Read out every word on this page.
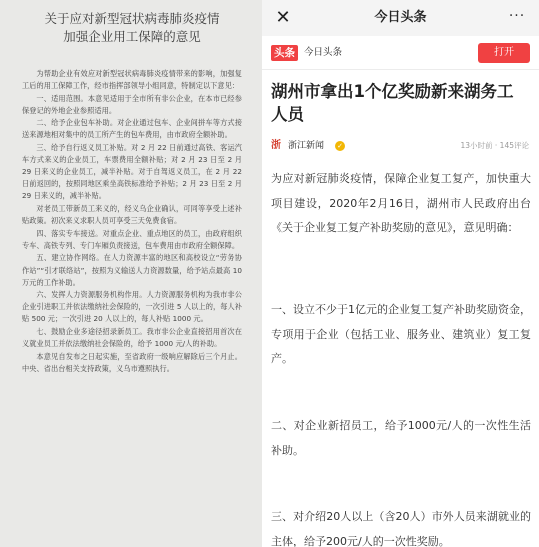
关于应对新型冠状病毒肺炎疫情
加强企业用工保障的意见

为帮助企业有效应对新型冠状病毒肺炎疫情带来的影响，加强复工后的用工保障工作，经市指挥部领导小组同意，特制定以下意见：

一、适用范围。本意见适用于全市所有非公企业，在本市已经参保登记的外地企业参照适用。

二、给予企业包车补助。对企业通过包车、企业间拼车等方式接送来源地相对集中的员工所产生的包车费用，由市政府全额补助。

三、给予自行返义员工补贴。对 2 月 22 日前通过高铁、客运汽车方式来义的企业员工，车票费用全额补贴；对 2 月 23 日至 2 月 29 日来义的企业员工，减半补贴。对于自驾返义员工，在 2 月 22 日前返回的，按照同地区乘坐高铁标准给予补贴；2 月 23 日至 2 月 29 日来义的，减半补贴。

对老员工带新员工来义的，经义乌企业确认，可同等享受上述补贴政策。初次来义求职人员可享受三天免费食宿。

四、落实专车接送。对重点企业、重点地区的员工，由政府组织专车、高铁专列、专门车厢负责接送，包车费用由市政府全额保障。

五、建立协作网络。在人力资源丰富的地区和高校设立“劳务协作站”“引才联络站”，按照为义输送人力资源数量，给予站点最高 10 万元的工作补助。

六、发挥人力资源服务机构作用。人力资源服务机构为我市非公企业引进职工并依法缴纳社会保险的，一次引进 5 人以上的，每人补贴 500 元；一次引进 20 人以上的，每人补贴 1000 元。

七、鼓励企业多途径招录新员工。我市非公企业直接招用首次在义就业员工并依法缴纳社会保险的，给予 1000 元/人的补助。

本意见自发布之日起实施，至省政府一级响应解除后三个月止。中央、省出台相关支持政策，义乌市遵照执行。

✕	今日头条	···
头条 今日头条	打开
湖州市拿出1个亿奖励新来湖务工人员
浙 浙江新闻 ✓	13小时前 · 145评论

为应对新冠肺炎疫情，保障企业复工复产，加快重大项目建设，2020年2月16日，湖州市人民政府出台《关于企业复工复产补助奖励的意见》，意见明确：

一、设立不少于1亿元的企业复工复产补助奖励资金，专项用于企业（包括工业、服务业、建筑业）复工复产。

二、对企业新招员工，给予1000元/人的一次性生活补助。

三、对介绍20人以上（含20人）市外人员来湖就业的主体，给予200元/人的一次性奖励。
